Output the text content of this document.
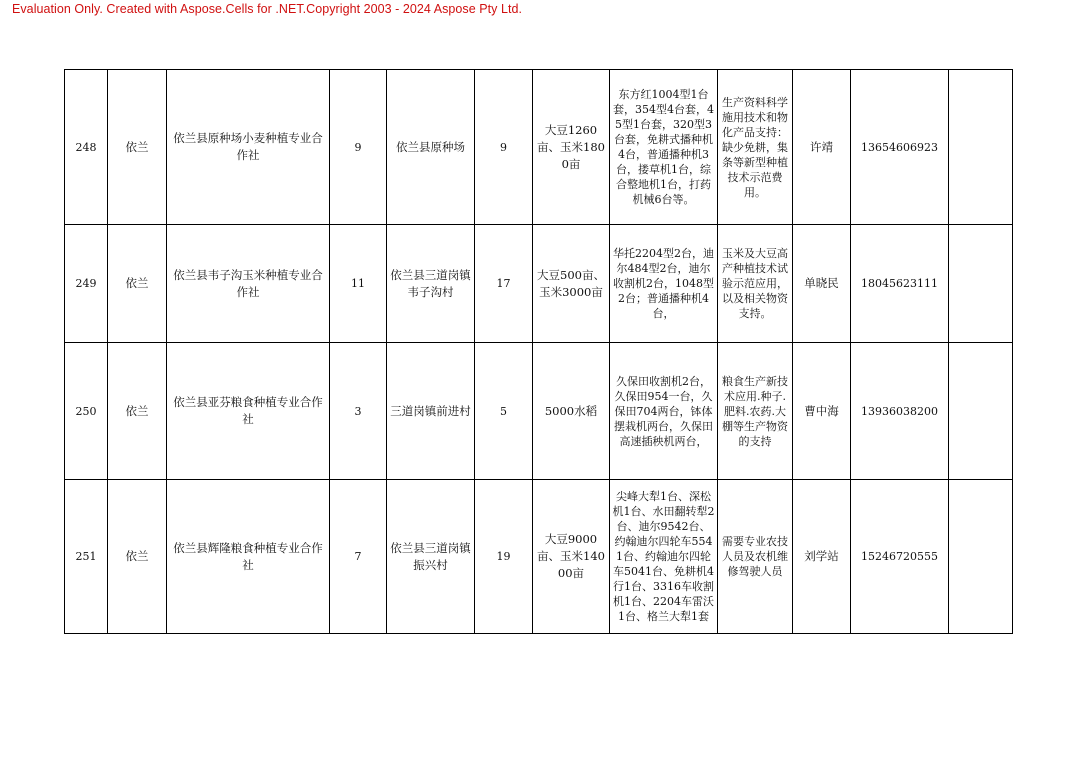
Evaluation Only. Created with Aspose.Cells for .NET.Copyright 2003 - 2024 Aspose Pty Ltd.
248	依兰	依兰县原种场小麦种植专业合作社	9	依兰县原种场	9	大豆1260亩、玉米1800亩	东方红1004型1台套，354型4台套，45型1台套，320型3台套，免耕式播种机4台，普通播种机3台，搂草机1台，综合整地机1台，打药机械6台等。	生产资料科学施用技术和物化产品支持：缺少免耕，集条等新型种植技术示范费用。	许靖	13654606923	
249	依兰	依兰县韦子沟玉米种植专业合作社	11	依兰县三道岗镇韦子沟村	17	大豆500亩、玉米3000亩	华托2204型2台，迪尔484型2台，迪尔收割机2台，1048型2台；普通播种机4台，	玉米及大豆高产种植技术试验示范应用，以及相关物资支持。	单晓民	18045623111	
250	依兰	依兰县亚芬粮食种植专业合作社	3	三道岗镇前进村	5	5000水稻	久保田收割机2台，久保田954一台，久保田704两台，钵体摆栽机两台，久保田高速插秧机两台，	粮食生产新技术应用.种子.肥料.农药.大棚等生产物资的支持	曹中海	13936038200	
251	依兰	依兰县辉隆粮食种植专业合作社	7	依兰县三道岗镇振兴村	19	大豆9000亩、玉米14000亩	尖峰大犁1台、深松机1台、水田翻转犁2台、迪尔9542台、约翰迪尔四轮车554 1台、约翰迪尔四轮车5041台、免耕机4行1台、3316车收割机1台、2204车雷沃1台、格兰大犁1套	需要专业农技人员及农机维修驾驶人员	刘学站	15246720555	
